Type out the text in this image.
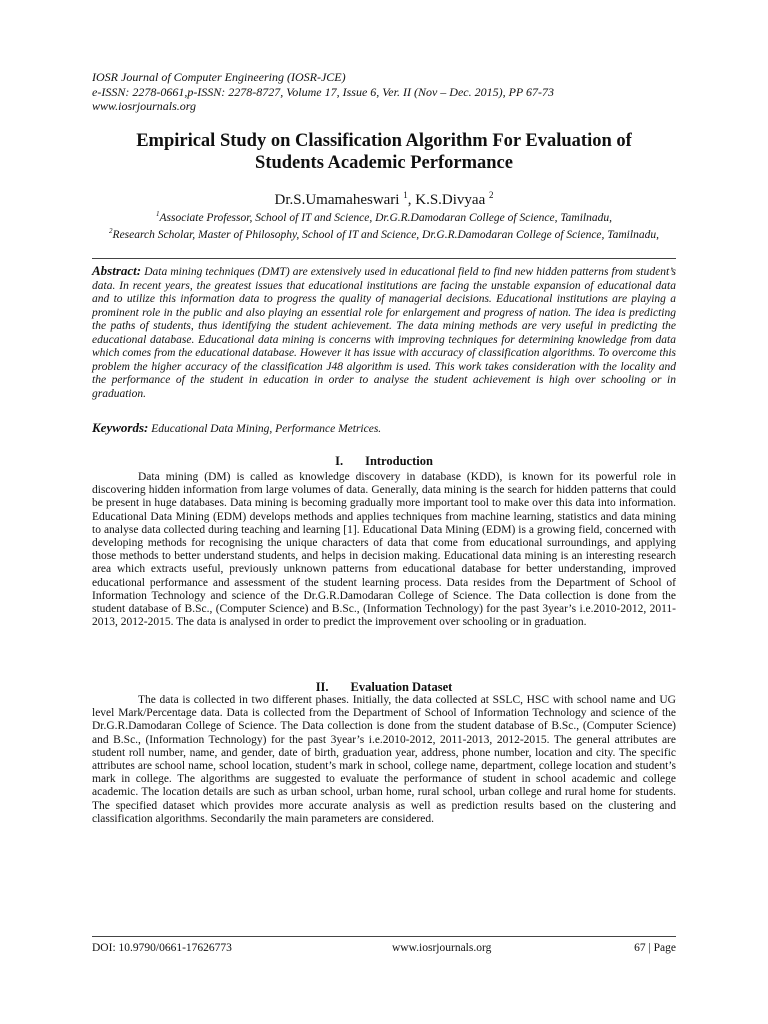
IOSR Journal of Computer Engineering (IOSR-JCE)
e-ISSN: 2278-0661,p-ISSN: 2278-8727, Volume 17, Issue 6, Ver. II (Nov – Dec. 2015), PP 67-73
www.iosrjournals.org
Empirical Study on Classification Algorithm For Evaluation of
Students Academic Performance
Dr.S.Umamaheswari $^1$, K.S.Divyaa $^2$
$^1$Associate Professor, School of IT and Science, Dr.G.R.Damodaran College of Science, Tamilnadu,
$^2$Research Scholar, Master of Philosophy, School of IT and Science, Dr.G.R.Damodaran College of Science, Tamilnadu,
Abstract: Data mining techniques (DMT) are extensively used in educational field to find new hidden patterns from student’s data. In recent years, the greatest issues that educational institutions are facing the unstable expansion of educational data and to utilize this information data to progress the quality of managerial decisions. Educational institutions are playing a prominent role in the public and also playing an essential role for enlargement and progress of nation. The idea is predicting the paths of students, thus identifying the student achievement. The data mining methods are very useful in predicting the educational database. Educational data mining is concerns with improving techniques for determining knowledge from data which comes from the educational database. However it has issue with accuracy of classification algorithms. To overcome this problem the higher accuracy of the classification J48 algorithm is used. This work takes consideration with the locality and the performance of the student in education in order to analyse the student achievement is high over schooling or in graduation.
Keywords: Educational Data Mining, Performance Metrices.
I. Introduction
Data mining (DM) is called as knowledge discovery in database (KDD), is known for its powerful role in discovering hidden information from large volumes of data. Generally, data mining is the search for hidden patterns that could be present in huge databases. Data mining is becoming gradually more important tool to make over this data into information. Educational Data Mining (EDM) develops methods and applies techniques from machine learning, statistics and data mining to analyse data collected during teaching and learning [1]. Educational Data Mining (EDM) is a growing field, concerned with developing methods for recognising the unique characters of data that come from educational surroundings, and applying those methods to better understand students, and helps in decision making. Educational data mining is an interesting research area which extracts useful, previously unknown patterns from educational database for better understanding, improved educational performance and assessment of the student learning process. Data resides from the Department of School of Information Technology and science of the Dr.G.R.Damodaran College of Science. The Data collection is done from the student database of B.Sc., (Computer Science) and B.Sc., (Information Technology) for the past 3year’s i.e.2010-2012, 2011-2013, 2012-2015. The data is analysed in order to predict the improvement over schooling or in graduation.
II. Evaluation Dataset
The data is collected in two different phases. Initially, the data collected at SSLC, HSC with school name and UG level Mark/Percentage data. Data is collected from the Department of School of Information Technology and science of the Dr.G.R.Damodaran College of Science. The Data collection is done from the student database of B.Sc., (Computer Science) and B.Sc., (Information Technology) for the past 3year’s i.e.2010-2012, 2011-2013, 2012-2015. The general attributes are student roll number, name, and gender, date of birth, graduation year, address, phone number, location and city. The specific attributes are school name, school location, student’s mark in school, college name, department, college location and student’s mark in college. The algorithms are suggested to evaluate the performance of student in school academic and college academic. The location details are such as urban school, urban home, rural school, urban college and rural home for students. The specified dataset which provides more accurate analysis as well as prediction results based on the clustering and classification algorithms. Secondarily the main parameters are considered.
DOI: 10.9790/0661-17626773	www.iosrjournals.org	67 | Page
